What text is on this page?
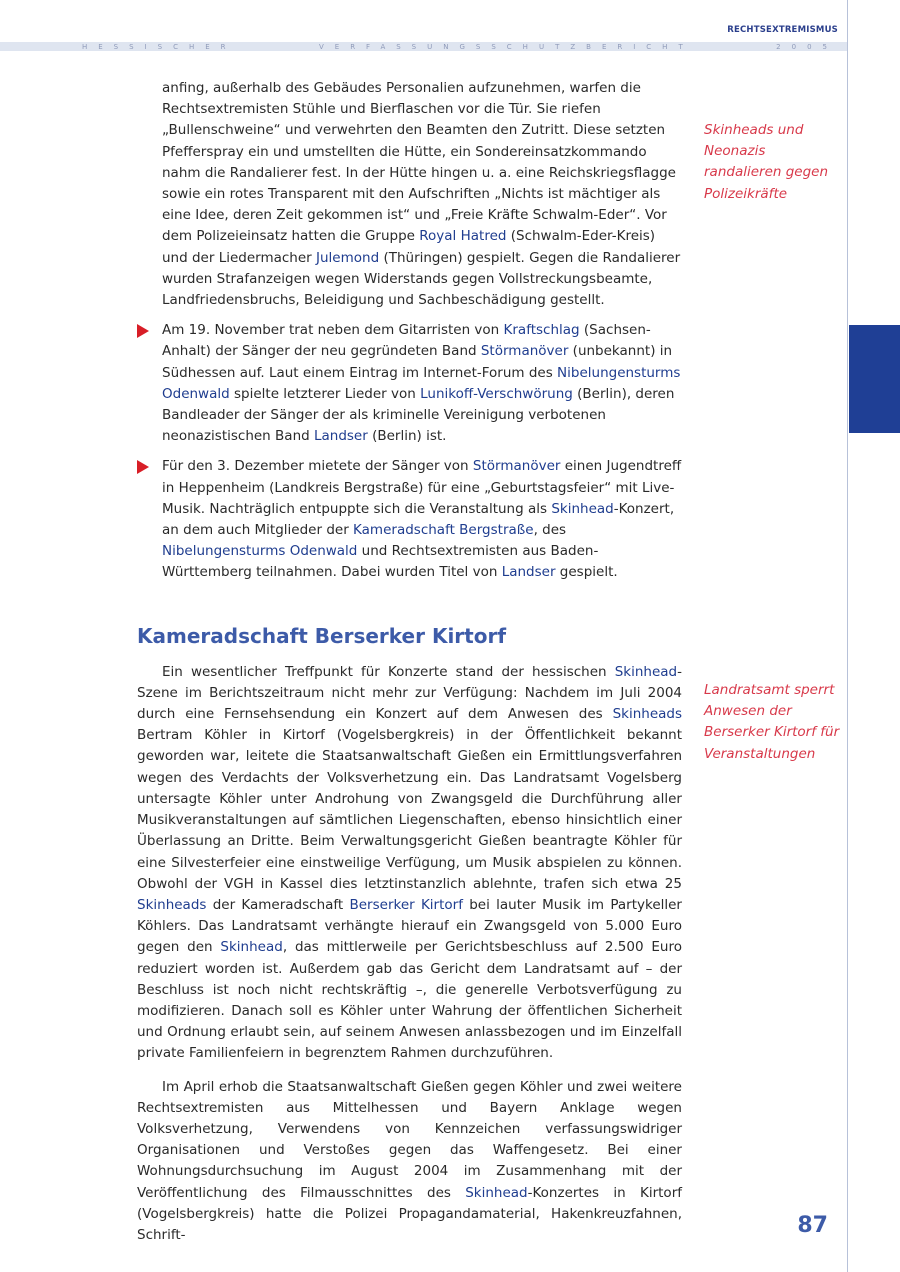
RECHTSEXTREMISMUS
HESSISCHER	VERFASSUNGSSCHUTZBERICHT	2005

anfing, außerhalb des Gebäudes Personalien aufzunehmen, warfen die Rechtsextremisten Stühle und Bierflaschen vor die Tür. Sie riefen „Bullenschweine“ und verwehrten den Beamten den Zutritt. Diese setzten Pfefferspray ein und umstellten die Hütte, ein Sondereinsatzkommando nahm die Randalierer fest. In der Hütte hingen u. a. eine Reichskriegsflagge sowie ein rotes Transparent mit den Aufschriften „Nichts ist mächtiger als eine Idee, deren Zeit gekommen ist“ und „Freie Kräfte Schwalm-Eder“. Vor dem Polizeieinsatz hatten die Gruppe Royal Hatred (Schwalm-Eder-Kreis) und der Liedermacher Julemond (Thüringen) gespielt. Gegen die Randalierer wurden Strafanzeigen wegen Widerstands gegen Vollstreckungsbeamte, Landfriedensbruchs, Beleidigung und Sachbeschädigung gestellt.

Am 19. November trat neben dem Gitarristen von Kraftschlag (Sachsen-Anhalt) der Sänger der neu gegründeten Band Störmanöver (unbekannt) in Südhessen auf. Laut einem Eintrag im Internet-Forum des Nibelungensturms Odenwald spielte letzterer Lieder von Lunikoff-Verschwörung (Berlin), deren Bandleader der Sänger der als kriminelle Vereinigung verbotenen neonazistischen Band Landser (Berlin) ist.
Für den 3. Dezember mietete der Sänger von Störmanöver einen Jugendtreff in Heppenheim (Landkreis Bergstraße) für eine „Geburtstagsfeier“ mit Live-Musik. Nachträglich entpuppte sich die Veranstaltung als Skinhead-Konzert, an dem auch Mitglieder der Kameradschaft Bergstraße, des Nibelungensturms Odenwald und Rechtsextremisten aus Baden-Württemberg teilnahmen. Dabei wurden Titel von Landser gespielt.
Kameradschaft Berserker Kirtorf

Ein wesentlicher Treffpunkt für Konzerte stand der hessischen Skinhead-Szene im Berichtszeitraum nicht mehr zur Verfügung: Nachdem im Juli 2004 durch eine Fernsehsendung ein Konzert auf dem Anwesen des Skinheads Bertram Köhler in Kirtorf (Vogelsbergkreis) in der Öffentlichkeit bekannt geworden war, leitete die Staatsanwaltschaft Gießen ein Ermittlungsverfahren wegen des Verdachts der Volksverhetzung ein. Das Landratsamt Vogelsberg untersagte Köhler unter Androhung von Zwangsgeld die Durchführung aller Musikveranstaltungen auf sämtlichen Liegenschaften, ebenso hinsichtlich einer Überlassung an Dritte. Beim Verwaltungsgericht Gießen beantragte Köhler für eine Silvesterfeier eine einstweilige Verfügung, um Musik abspielen zu können. Obwohl der VGH in Kassel dies letztinstanzlich ablehnte, trafen sich etwa 25 Skinheads der Kameradschaft Berserker Kirtorf bei lauter Musik im Partykeller Köhlers. Das Landratsamt verhängte hierauf ein Zwangsgeld von 5.000 Euro gegen den Skinhead, das mittlerweile per Gerichtsbeschluss auf 2.500 Euro reduziert worden ist. Außerdem gab das Gericht dem Landratsamt auf – der Beschluss ist noch nicht rechtskräftig –, die generelle Verbotsverfügung zu modifizieren. Danach soll es Köhler unter Wahrung der öffentlichen Sicherheit und Ordnung erlaubt sein, auf seinem Anwesen anlassbezogen und im Einzelfall private Familienfeiern in begrenztem Rahmen durchzuführen.

Im April erhob die Staatsanwaltschaft Gießen gegen Köhler und zwei weitere Rechtsextremisten aus Mittelhessen und Bayern Anklage wegen Volksverhetzung, Verwendens von Kennzeichen verfassungswidriger Organisationen und Verstoßes gegen das Waffengesetz. Bei einer Wohnungsdurchsuchung im August 2004 im Zusammenhang mit der Veröffentlichung des Filmausschnittes des Skinhead-Konzertes in Kirtorf (Vogelsbergkreis) hatte die Polizei Propagandamaterial, Hakenkreuzfahnen, Schrift-

Skinheads und Neonazis randalieren gegen Polizeikräfte
Landratsamt sperrt Anwesen der Berserker Kirtorf für Veranstaltungen
87
